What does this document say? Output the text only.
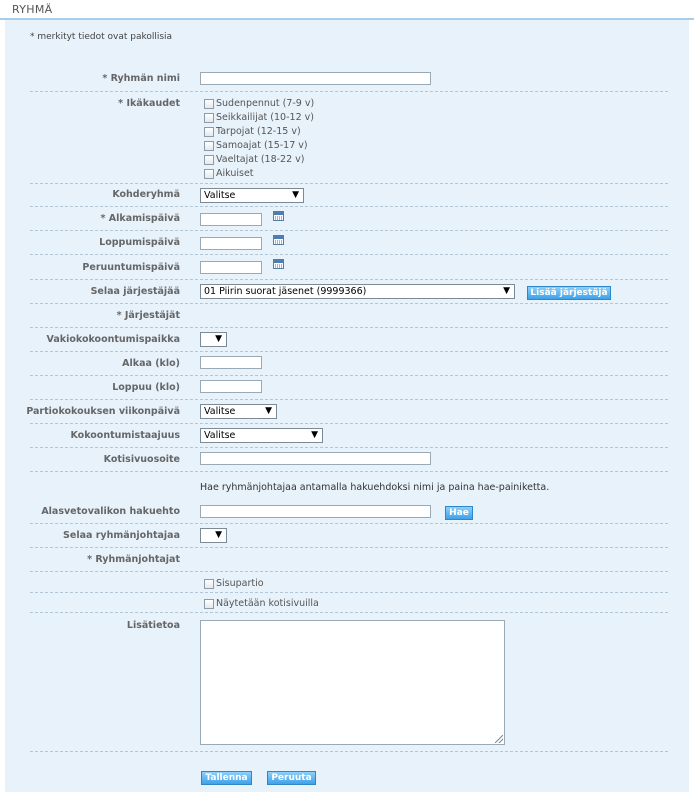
RYHMÄ
* merkityt tiedot ovat pakollisia
* Ryhmän nimi
* Ikäkaudet	Sudenpennut (7-9 v)
Seikkailijat (10-12 v)
Tarpojat (12-15 v)
Samoajat (15-17 v)
Vaeltajat (18-22 v)
Aikuiset
Kohderyhmä	Valitse	▼
* Alkamispäivä
Loppumispäivä
Peruuntumispäivä
Selaa järjestäjää	01 Piirin suorat jäsenet (9999366)	▼	Lisää järjestäjä
* Järjestäjät
Vakiokokoontumispaikka	▼
Alkaa (klo)
Loppuu (klo)
Partiokokouksen viikonpäivä	Valitse	▼
Kokoontumistaajuus	Valitse	▼
Kotisivuosoite
Hae ryhmänjohtajaa antamalla hakuehdoksi nimi ja paina hae-painiketta.
Alasvetovalikon hakuehto	Hae
Selaa ryhmänjohtajaa	▼
* Ryhmänjohtajat
Sisupartio
Näytetään kotisivuilla
Lisätietoa
Tallenna	Peruuta
